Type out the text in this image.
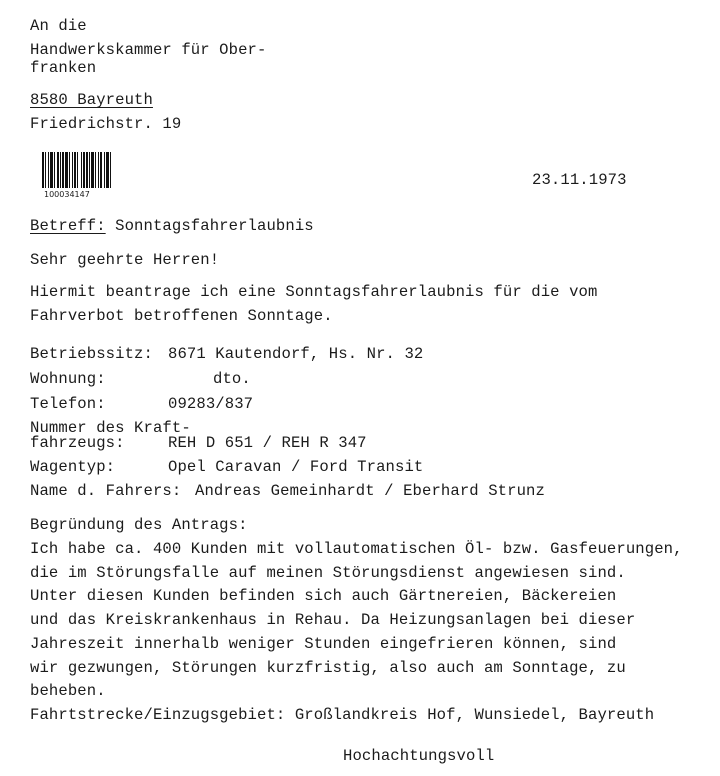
An die
Handwerkskammer für Ober-
franken
8580 Bayreuth
Friedrichstr. 19
100034147
23.11.1973
Betreff: Sonntagsfahrerlaubnis
Sehr geehrte Herren!
Hiermit beantrage ich eine Sonntagsfahrerlaubnis für die vom
Fahrverbot betroffenen Sonntage.
Betriebssitz: 8671 Kautendorf, Hs. Nr. 32
Wohnung:	dto.
Telefon:	09283/837
Nummer des Kraft-
fahrzeugs:	REH D 651 / REH R 347
Wagentyp:	Opel Caravan / Ford Transit
Name d. Fahrers: Andreas Gemeinhardt / Eberhard Strunz
Begründung des Antrags:
Ich habe ca. 400 Kunden mit vollautomatischen Öl- bzw. Gasfeuerungen,
die im Störungsfalle auf meinen Störungsdienst angewiesen sind.
Unter diesen Kunden befinden sich auch Gärtnereien, Bäckereien
und das Kreiskrankenhaus in Rehau. Da Heizungsanlagen bei dieser
Jahreszeit innerhalb weniger Stunden eingefrieren können, sind
wir gezwungen, Störungen kurzfristig, also auch am Sonntage, zu
beheben.
Fahrtstrecke/Einzugsgebiet: Großlandkreis Hof, Wunsiedel, Bayreuth
Hochachtungsvoll
